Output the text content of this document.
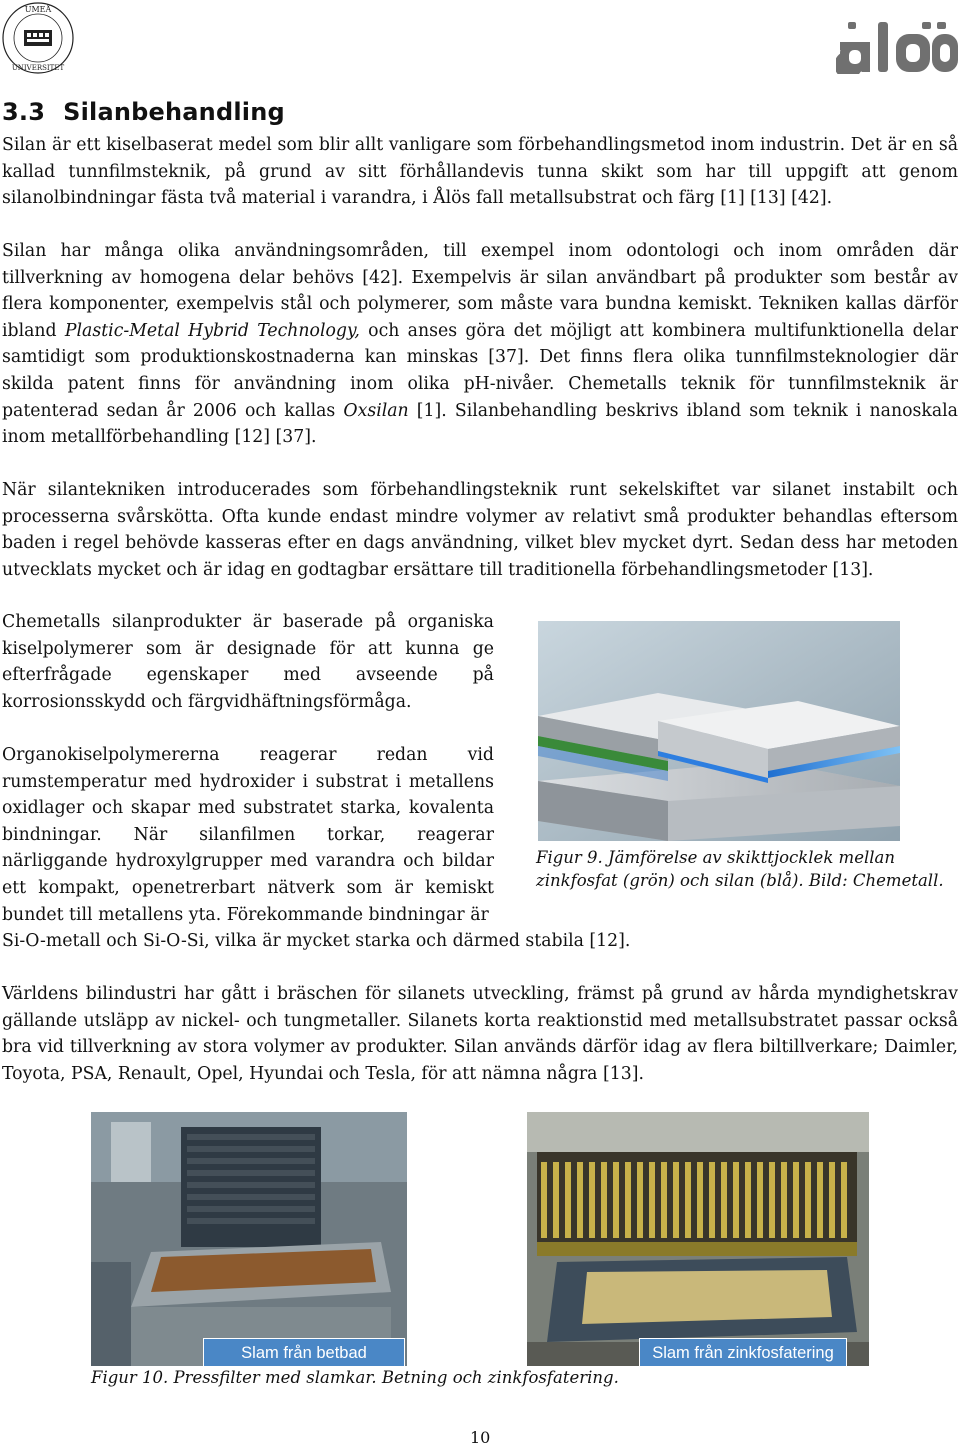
UMEÅ
UNIVERSITET
3.3 Silanbehandling

Silan är ett kiselbaserat medel som blir allt vanligare som förbehandlingsmetod inom industrin. Det är en så kallad tunnfilmsteknik, på grund av sitt förhållandevis tunna skikt som har till uppgift att genom silanolbindningar fästa två material i varandra, i Ålös fall metallsubstrat och färg [1] [13] [42].

Silan har många olika användningsområden, till exempel inom odontologi och inom områden där tillverkning av homogena delar behövs [42]. Exempelvis är silan användbart på produkter som består av flera komponenter, exempelvis stål och polymerer, som måste vara bundna kemiskt. Tekniken kallas därför ibland Plastic-Metal Hybrid Technology, och anses göra det möjligt att kombinera multifunktionella delar samtidigt som produktionskostnaderna kan minskas [37]. Det finns flera olika tunnfilmsteknologier där skilda patent finns för användning inom olika pH-nivåer. Chemetalls teknik för tunnfilmsteknik är patenterad sedan år 2006 och kallas Oxsilan [1]. Silanbehandling beskrivs ibland som teknik i nanoskala inom metallförbehandling [12] [37].

När silantekniken introducerades som förbehandlingsteknik runt sekelskiftet var silanet instabilt och processerna svårskötta. Ofta kunde endast mindre volymer av relativt små produkter behandlas eftersom baden i regel behövde kasseras efter en dags användning, vilket blev mycket dyrt. Sedan dess har metoden utvecklats mycket och är idag en godtagbar ersättare till traditionella förbehandlingsmetoder [13].

Chemetalls silanprodukter är baserade på organiska kiselpolymerer som är designade för att kunna ge efterfrågade egenskaper med avseende på korrosionsskydd och färgvidhäftningsförmåga.

Organokiselpolymererna reagerar redan vid rumstemperatur med hydroxider i substrat i metallens oxidlager och skapar med substratet starka, kovalenta bindningar. När silanfilmen torkar, reagerar närliggande hydroxylgrupper med varandra och bildar ett kompakt, openetrerbart nätverk som är kemiskt bundet till metallens yta. Förekommande bindningar är

Si-O-metall och Si-O-Si, vilka är mycket starka och därmed stabila [12].

Världens bilindustri har gått i bräschen för silanets utveckling, främst på grund av hårda myndighetskrav gällande utsläpp av nickel- och tungmetaller. Silanets korta reaktionstid med metallsubstratet passar också bra vid tillverkning av stora volymer av produkter. Silan används därför idag av flera biltillverkare; Daimler, Toyota, PSA, Renault, Opel, Hyundai och Tesla, för att nämna några [13].

Figur 9. Jämförelse av skikttjocklek mellan zinkfosfat (grön) och silan (blå). Bild: Chemetall.

Slam från betbad	Slam från zinkfosfatering

Figur 10. Pressfilter med slamkar. Betning och zinkfosfatering.

10
